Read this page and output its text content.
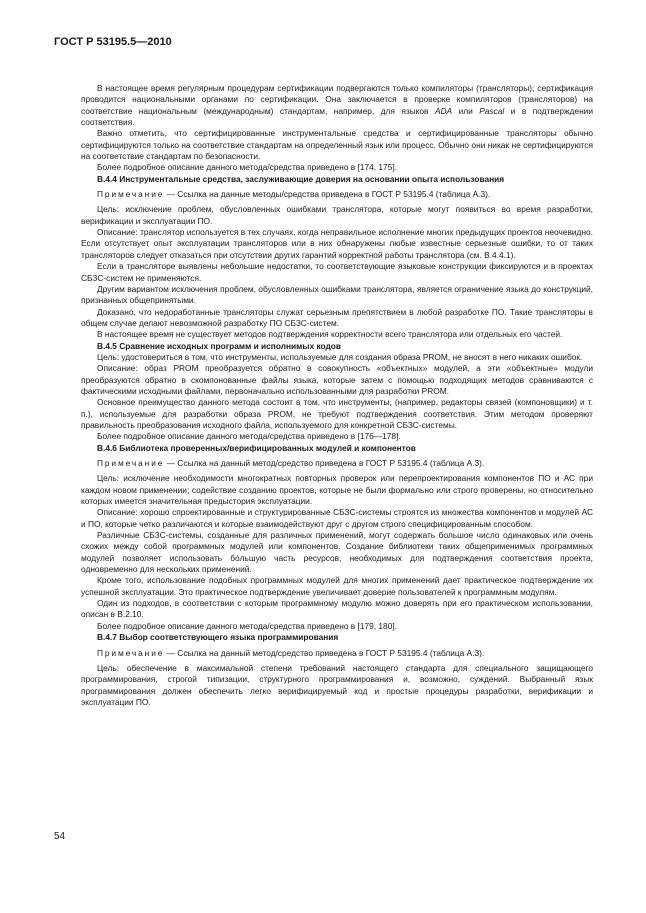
ГОСТ Р 53195.5—2010

В настоящее время регулярным процедурам сертификации подвергаются только компиляторы (трансляторы); сертификация проводится национальными органами по сертификации. Она заключается в проверке компиляторов (трансляторов) на соответствие национальным (международным) стандартам, например, для языков ADA или Pascal и в подтверждении соответствия.

Важно отметить, что сертифицированные инструментальные средства и сертифицированные трансляторы обычно сертифицируются только на соответствие стандартам на определенный язык или процесс. Обычно они никак не сертифицируются на соответствие стандартам по безопасности.

Более подробное описание данного метода/средства приведено в [174, 175].

В.4.4 Инструментальные средства, заслуживающие доверия на основании опыта использования

Примечание — Ссылка на данные методы/средства приведена в ГОСТ Р 53195.4 (таблица А.3).

Цель: исключение проблем, обусловленных ошибками транслятора, которые могут появиться во время разработки, верификации и эксплуатации ПО.

Описание: транслятор используется в тех случаях, когда неправильное исполнение многих предыдущих проектов неочевидно. Если отсутствует опыт эксплуатации трансляторов или в них обнаружены любые известные серьезные ошибки, то от таких трансляторов следует отказаться при отсутствии других гарантий корректной работы транслятора (см. В.4.4.1).

Если в трансляторе выявлены небольшие недостатки, то соответствующие языковые конструкции фиксируются и в проектах СБЗС-систем не применяются.

Другим вариантом исключения проблем, обусловленных ошибками транслятора, является ограничение языка до конструкций, признанных общепринятыми.

Доказано, что недоработанные трансляторы служат серьезным препятствием в любой разработке ПО. Такие трансляторы в общем случае делают невозможной разработку ПО СБЗС-систем.

В настоящее время не существует методов подтверждения корректности всего транслятора или отдельных его частей.

В.4.5 Сравнение исходных программ и исполнимых кодов

Цель: удостовериться в том, что инструменты, используемые для создания образа PROM, не вносят в него никаких ошибок.

Описание: образ PROM преобразуется обратно в совокупность «объектных» модулей, а эти «объектные» модули преобразуются обратно в скомпонованные файлы языка, которые затем с помощью подходящих методов сравниваются с фактическими исходными файлами, первоначально использованными для разработки PROM.

Основное преимущество данного метода состоит в том, что инструменты, (например, редакторы связей (компоновщики) и т. п.), используемые для разработки образа PROM, не требуют подтверждения соответствия. Этим методом проверяют правильность преобразования исходного файла, используемого для конкретной СБЗС-системы.

Более подробное описание данного метода/средства приведено в [176—178].

В.4.6 Библиотека проверенных/верифицированных модулей и компонентов

Примечание — Ссылка на данный метод/средство приведена в ГОСТ Р 53195.4 (таблица А.3).

Цель: исключение необходимости многократных повторных проверок или перепроектирования компонентов ПО и АС при каждом новом применении; содействие созданию проектов, которые не были формально или строго проверены, но относительно которых имеется значительная предыстория эксплуатации.

Описание: хорошо спроектированные и структурированные СБЗС-системы строятся из множества компонентов и модулей АС и ПО, которые четко различаются и которые взаимодействуют друг с другом строго специфицированным способом.

Различные СБЗС-системы, созданные для различных применений, могут содержать большое число одинаковых или очень схожих между собой программных модулей или компонентов. Создание библиотеки таких общеприменимых программных модулей позволяет использовать бóльшую часть ресурсов, необходимых для подтверждения соответствия проекта, одновременно для нескольких применений.

Кроме того, использование подобных программных модулей для многих применений дает практическое подтверждение их успешной эксплуатации. Это практическое подтверждение увеличивает доверие пользователей к программным модулям.

Один из подходов, в соответствии с которым программному модулю можно доверять при его практическом использовании, описан в В.2.10.

Более подробное описание данного метода/средства приведено в [179, 180].

В.4.7 Выбор соответствующего языка программирования

Примечание — Ссылка на данный метод/средство приведена в ГОСТ Р 53195.4 (таблица А.3).

Цель: обеспечение в максимальной степени требований настоящего стандарта для специального защищающего программирования, строгой типизации, структурного программирования и, возможно, суждений. Выбранный язык программирования должен обеспечить легко верифицируемый код и простые процедуры разработки, верификации и эксплуатации ПО.

54
